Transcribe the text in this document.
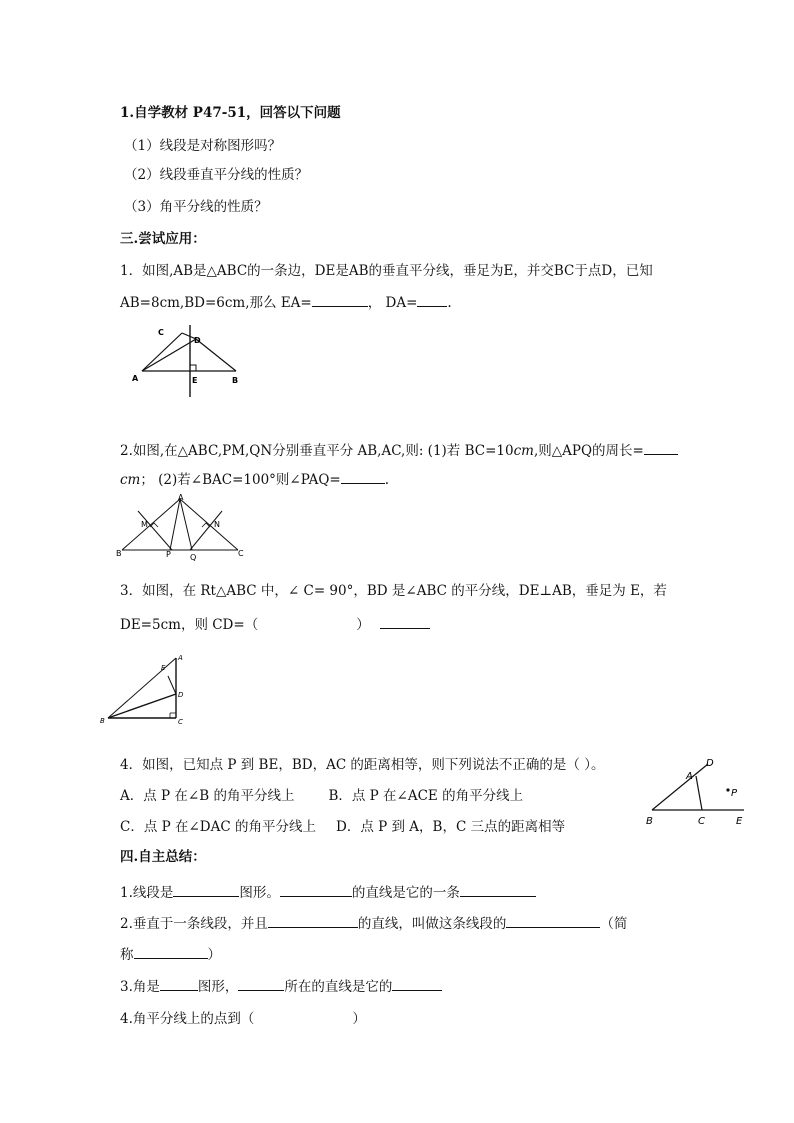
1.自学教材 P47-51，回答以下问题
（1）线段是对称图形吗？
（2）线段垂直平分线的性质？
（3）角平分线的性质？
三.尝试应用：
1．如图,AB是△ABC的一条边，DE是AB的垂直平分线，垂足为E，并交BC于点D，已知
AB=8cm,BD=6cm,那么 EA=	， DA= .
C
D
A	E	B
2.如图,在△ABC,PM,QN分别垂直平分 AB,AC,则: (1)若 BC=10cm,则△APQ的周长=
cm； (2)若∠BAC=100°则∠PAQ=	.
A
M	N
B	P Q	C
3．如图，在 Rt△ABC 中，∠ C= 90°，BD 是∠ABC 的平分线，DE⊥AB，垂足为 E，若
DE=5cm，则 CD=（	）
A
E
D
B	C
4．如图，已知点 P 到 BE，BD，AC 的距离相等，则下列说法不正确的是（ ）。
A．点 P 在∠B 的角平分线上	B．点 P 在∠ACE 的角平分线上
C．点 P 在∠DAC 的角平分线上 D．点 P 到 A，B，C 三点的距离相等
D
A
P
B	C	E
四.自主总结：
1.线段是	图形。	的直线是它的一条
2.垂直于一条线段，并且	的直线，叫做这条线段的	（简
称	）
3.角是	图形，	所在的直线是它的
4.角平分线上的点到（	）
